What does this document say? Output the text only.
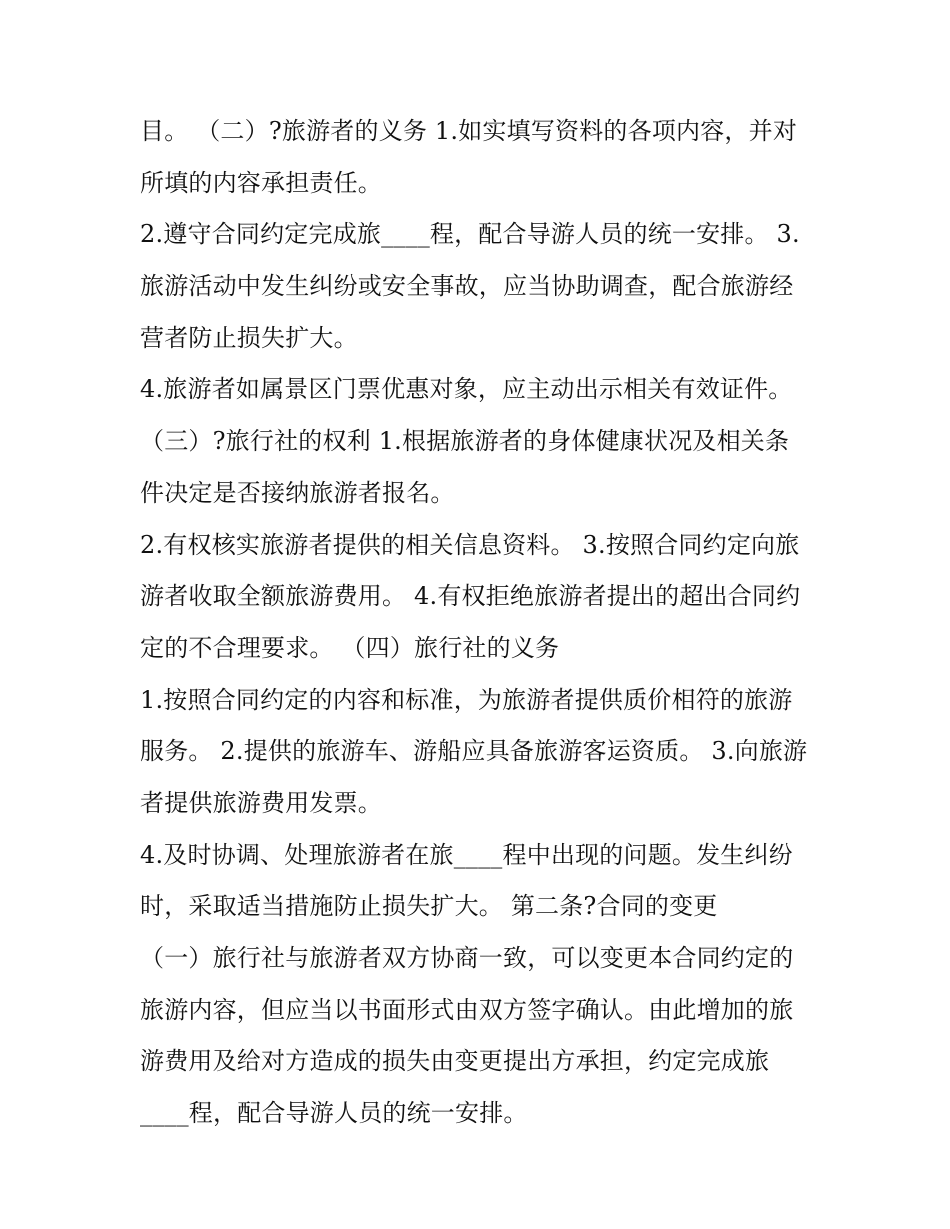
目。 （二）?旅游者的义务 1.如实填写资料的各项内容，并对
所填的内容承担责任。
2.遵守合同约定完成旅____程，配合导游人员的统一安排。 3.
旅游活动中发生纠纷或安全事故，应当协助调查，配合旅游经
营者防止损失扩大。
4.旅游者如属景区门票优惠对象，应主动出示相关有效证件。
（三）?旅行社的权利 1.根据旅游者的身体健康状况及相关条
件决定是否接纳旅游者报名。
2.有权核实旅游者提供的相关信息资料。 3.按照合同约定向旅
游者收取全额旅游费用。 4.有权拒绝旅游者提出的超出合同约
定的不合理要求。 （四）旅行社的义务
1.按照合同约定的内容和标准，为旅游者提供质价相符的旅游
服务。 2.提供的旅游车、游船应具备旅游客运资质。 3.向旅游
者提供旅游费用发票。
4.及时协调、处理旅游者在旅____程中出现的问题。发生纠纷
时，采取适当措施防止损失扩大。 第二条?合同的变更
（一）旅行社与旅游者双方协商一致，可以变更本合同约定的
旅游内容，但应当以书面形式由双方签字确认。由此增加的旅
游费用及给对方造成的损失由变更提出方承担，约定完成旅
____程，配合导游人员的统一安排。
